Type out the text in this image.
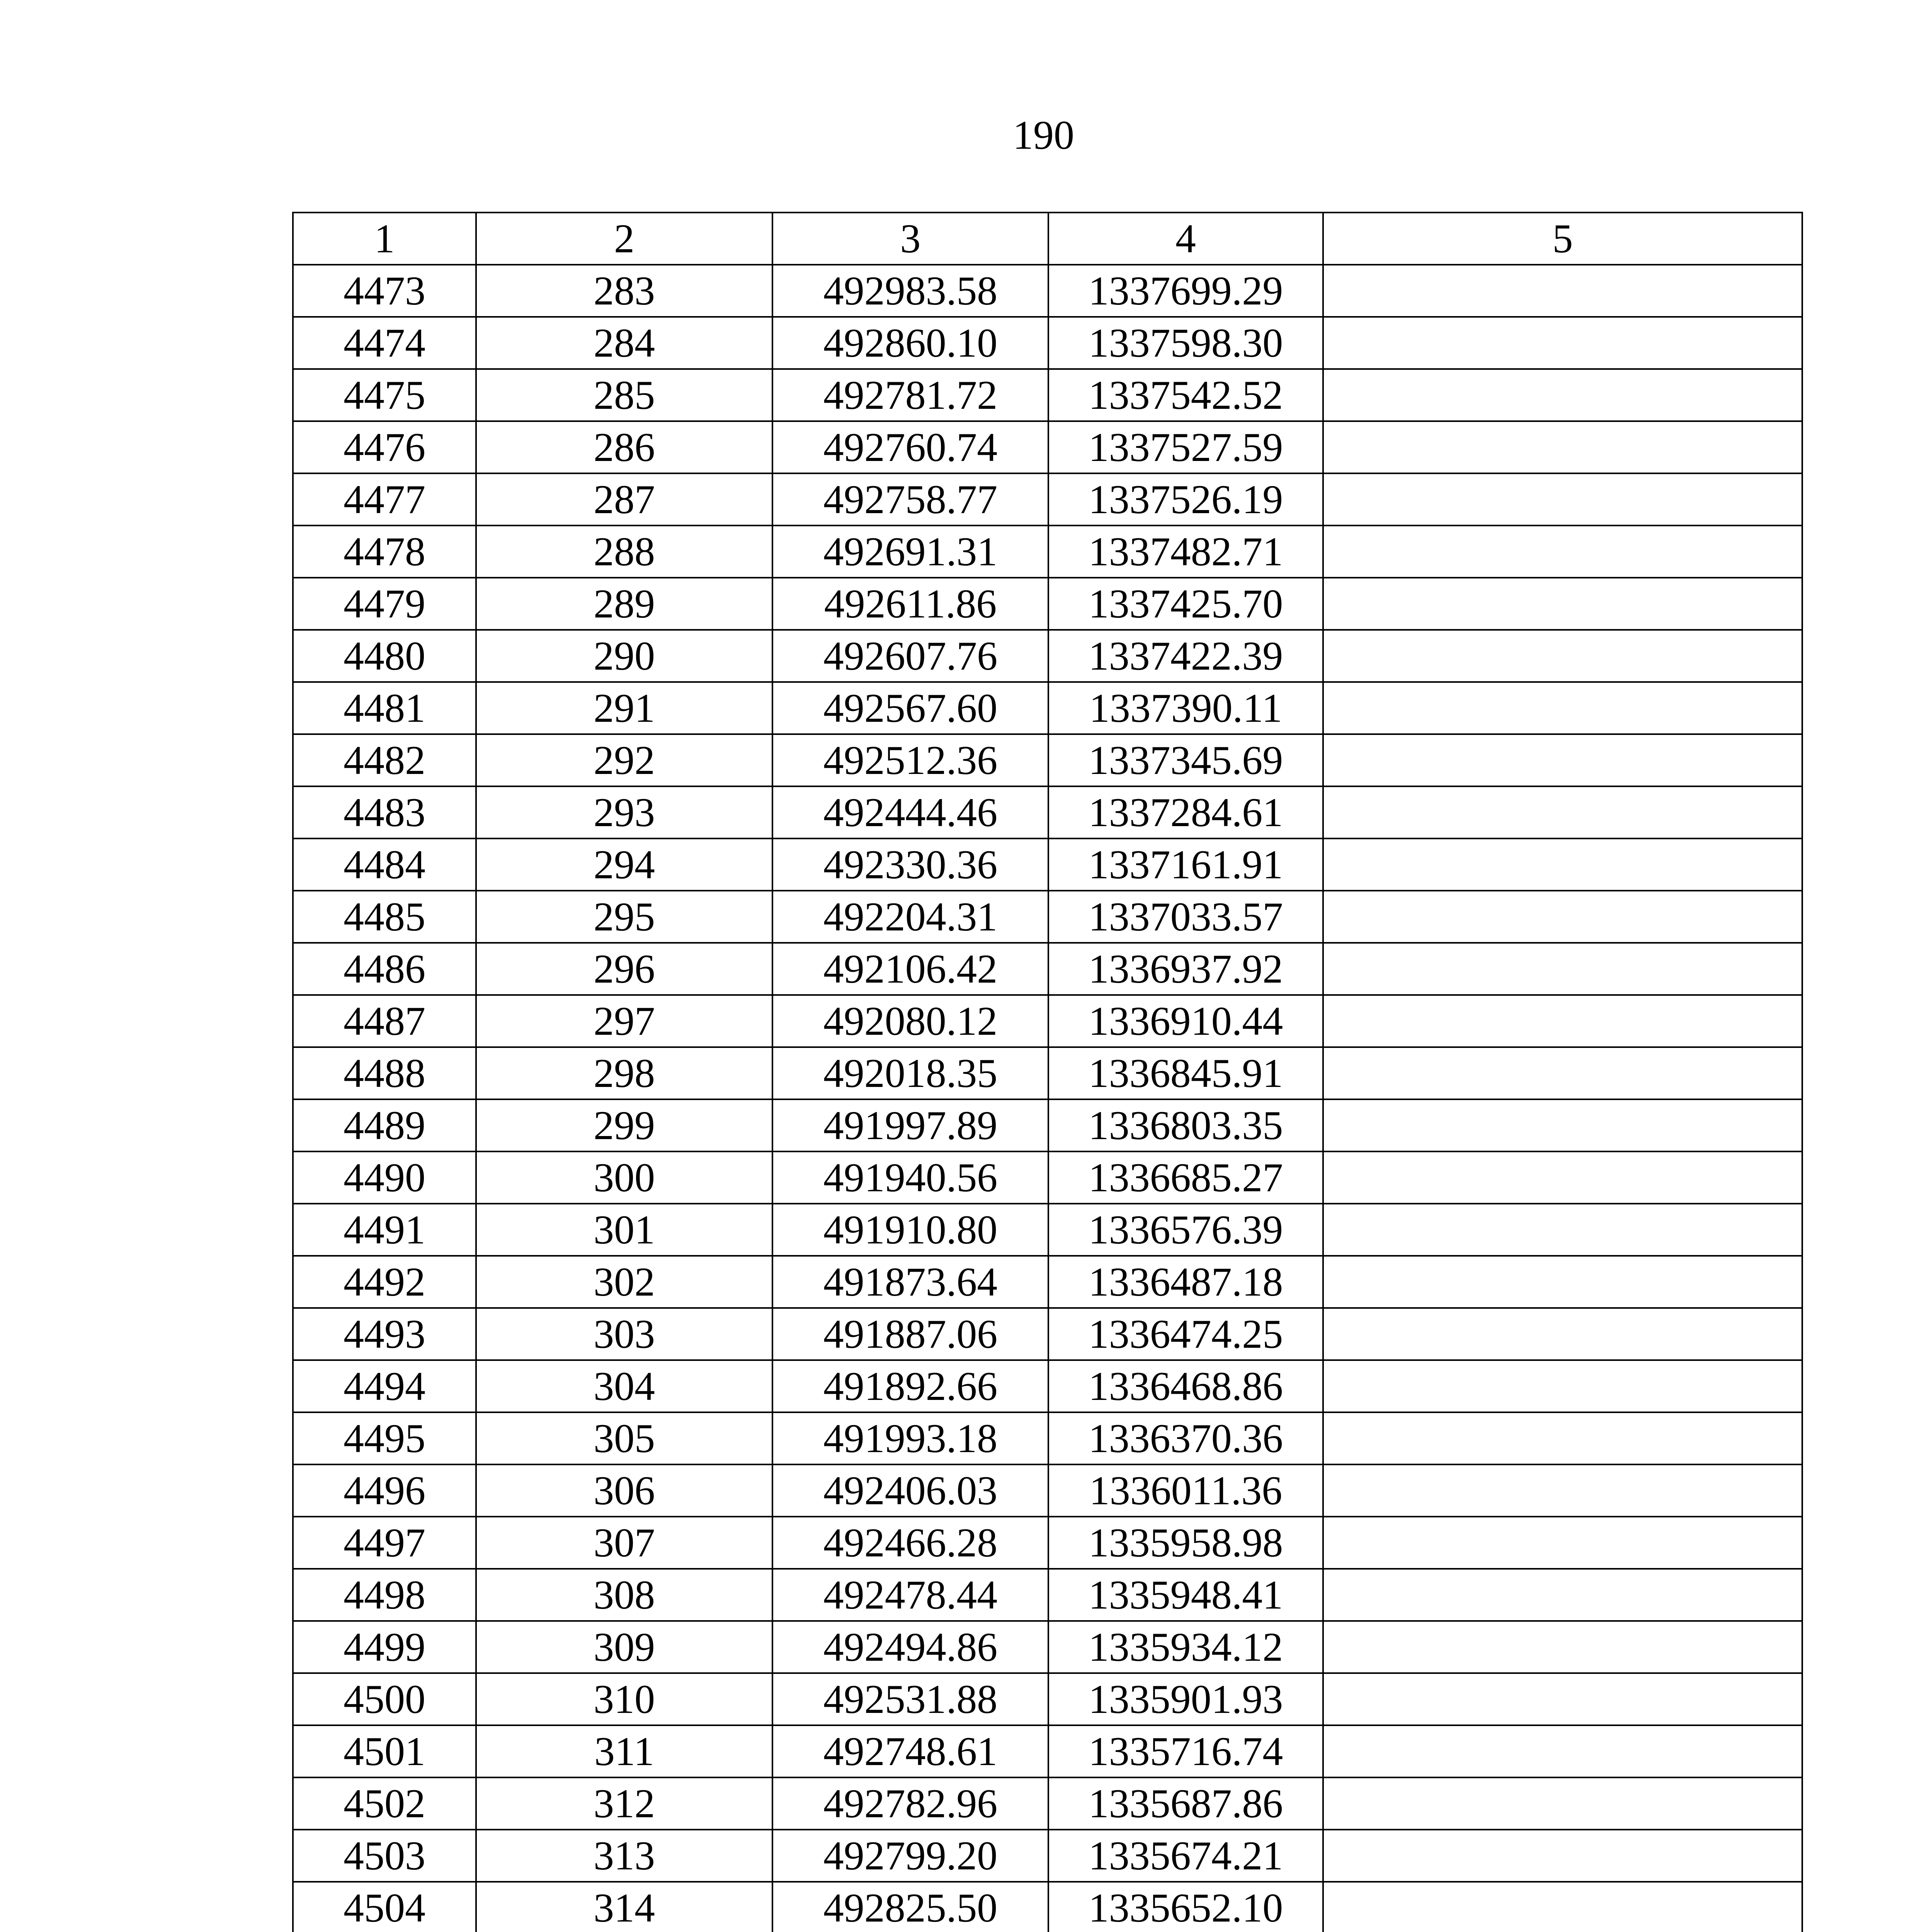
190
1	2	3	4	5
4473	283	492983.58	1337699.29	
4474	284	492860.10	1337598.30	
4475	285	492781.72	1337542.52	
4476	286	492760.74	1337527.59	
4477	287	492758.77	1337526.19	
4478	288	492691.31	1337482.71	
4479	289	492611.86	1337425.70	
4480	290	492607.76	1337422.39	
4481	291	492567.60	1337390.11	
4482	292	492512.36	1337345.69	
4483	293	492444.46	1337284.61	
4484	294	492330.36	1337161.91	
4485	295	492204.31	1337033.57	
4486	296	492106.42	1336937.92	
4487	297	492080.12	1336910.44	
4488	298	492018.35	1336845.91	
4489	299	491997.89	1336803.35	
4490	300	491940.56	1336685.27	
4491	301	491910.80	1336576.39	
4492	302	491873.64	1336487.18	
4493	303	491887.06	1336474.25	
4494	304	491892.66	1336468.86	
4495	305	491993.18	1336370.36	
4496	306	492406.03	1336011.36	
4497	307	492466.28	1335958.98	
4498	308	492478.44	1335948.41	
4499	309	492494.86	1335934.12	
4500	310	492531.88	1335901.93	
4501	311	492748.61	1335716.74	
4502	312	492782.96	1335687.86	
4503	313	492799.20	1335674.21	
4504	314	492825.50	1335652.10	
